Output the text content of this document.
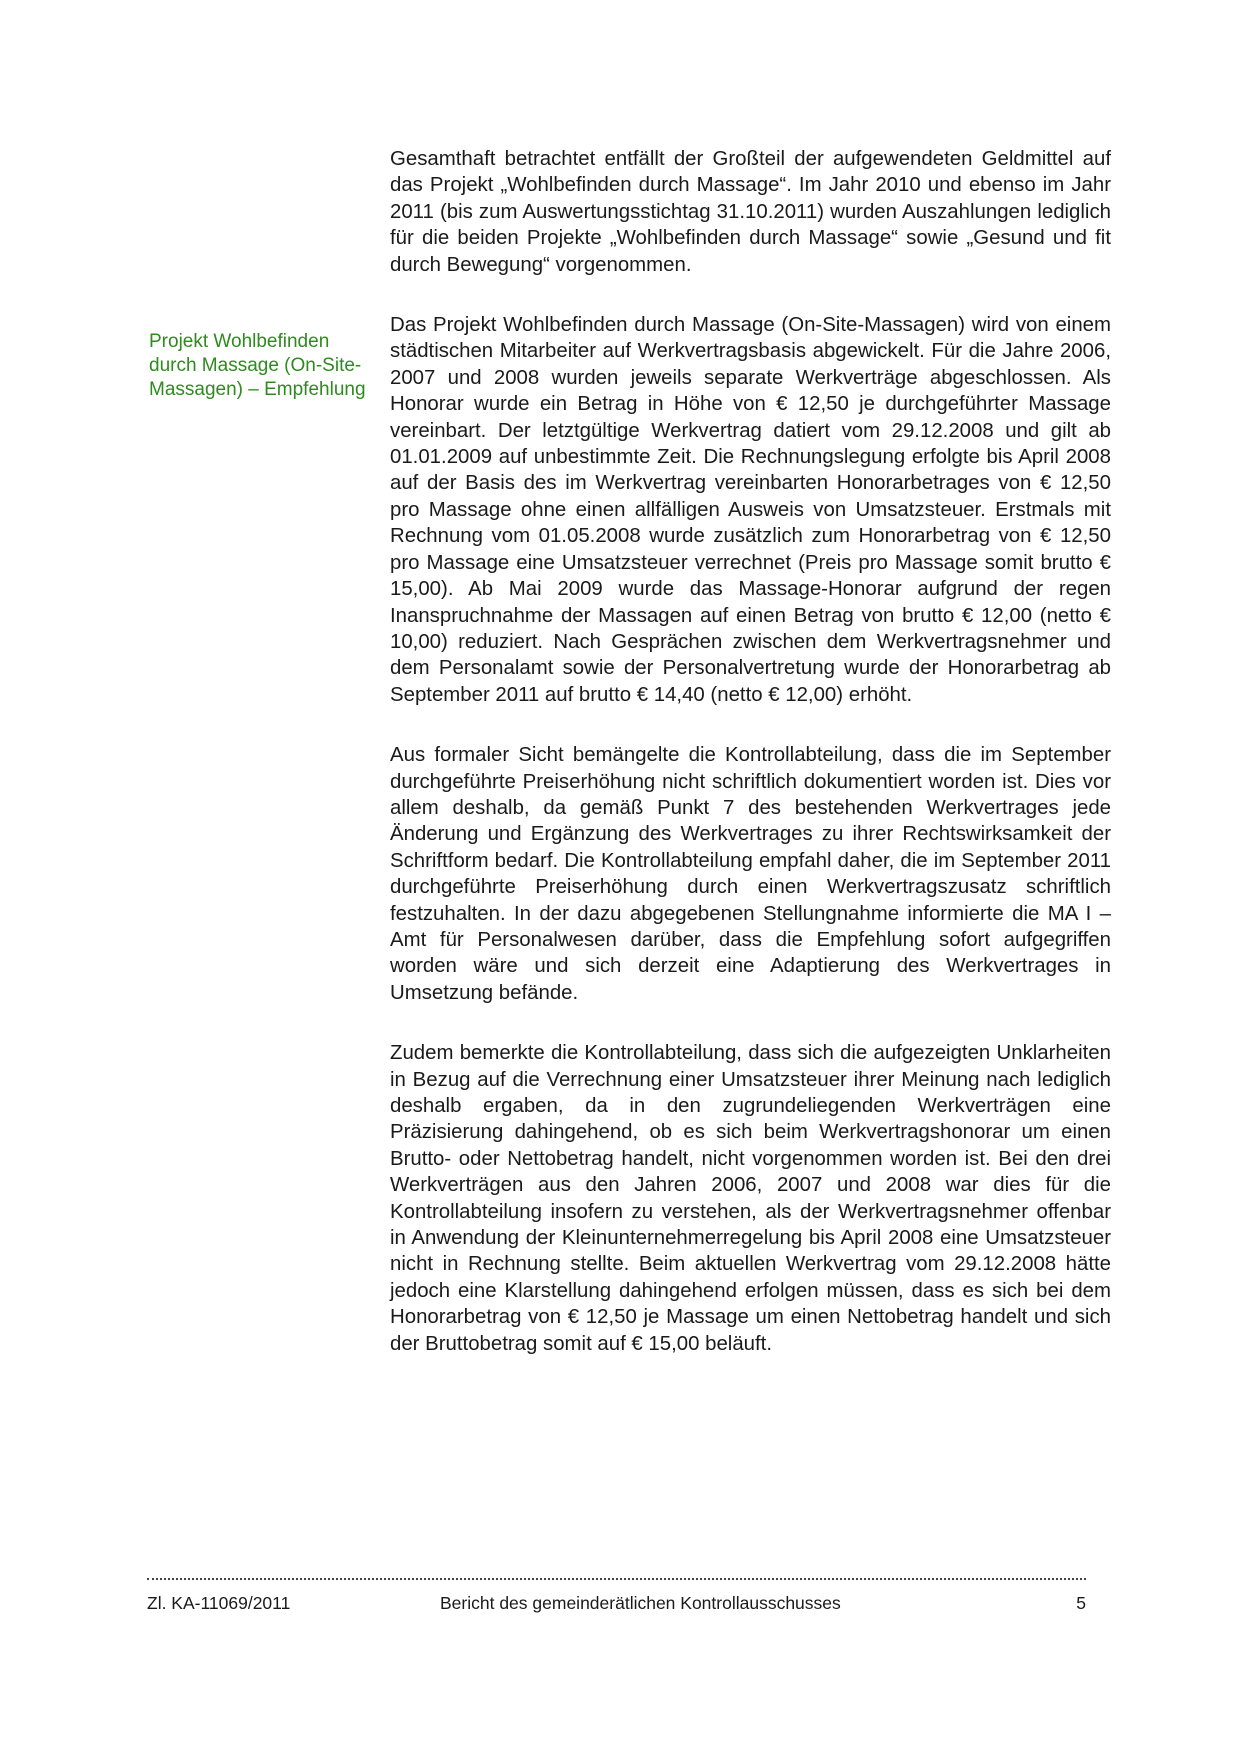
Projekt Wohlbefinden durch Massage (On-Site-Massagen) – Empfehlung

Gesamthaft betrachtet entfällt der Großteil der aufgewendeten Geldmittel auf das Projekt „Wohlbefinden durch Massage“. Im Jahr 2010 und ebenso im Jahr 2011 (bis zum Auswertungsstichtag 31.10.2011) wurden Auszahlungen lediglich für die beiden Projekte „Wohlbefinden durch Massage“ sowie „Gesund und fit durch Bewegung“ vorgenommen.

Das Projekt Wohlbefinden durch Massage (On-Site-Massagen) wird von einem städtischen Mitarbeiter auf Werkvertragsbasis abgewickelt. Für die Jahre 2006, 2007 und 2008 wurden jeweils separate Werkverträge abgeschlossen. Als Honorar wurde ein Betrag in Höhe von € 12,50 je durchgeführter Massage vereinbart. Der letztgültige Werkvertrag datiert vom 29.12.2008 und gilt ab 01.01.2009 auf unbestimmte Zeit. Die Rechnungslegung erfolgte bis April 2008 auf der Basis des im Werkvertrag vereinbarten Honorarbetrages von € 12,50 pro Massage ohne einen allfälligen Ausweis von Umsatzsteuer. Erstmals mit Rechnung vom 01.05.2008 wurde zusätzlich zum Honorarbetrag von € 12,50 pro Massage eine Umsatzsteuer verrechnet (Preis pro Massage somit brutto € 15,00). Ab Mai 2009 wurde das Massage-Honorar aufgrund der regen Inanspruchnahme der Massagen auf einen Betrag von brutto € 12,00 (netto € 10,00) reduziert. Nach Gesprächen zwischen dem Werkvertragsnehmer und dem Personalamt sowie der Personalvertretung wurde der Honorarbetrag ab September 2011 auf brutto € 14,40 (netto € 12,00) erhöht.

Aus formaler Sicht bemängelte die Kontrollabteilung, dass die im September durchgeführte Preiserhöhung nicht schriftlich dokumentiert worden ist. Dies vor allem deshalb, da gemäß Punkt 7 des bestehenden Werkvertrages jede Änderung und Ergänzung des Werkvertrages zu ihrer Rechtswirksamkeit der Schriftform bedarf. Die Kontrollabteilung empfahl daher, die im September 2011 durchgeführte Preiserhöhung durch einen Werkvertragszusatz schriftlich festzuhalten. In der dazu abgegebenen Stellungnahme informierte die MA I – Amt für Personalwesen darüber, dass die Empfehlung sofort aufgegriffen worden wäre und sich derzeit eine Adaptierung des Werkvertrages in Umsetzung befände.

Zudem bemerkte die Kontrollabteilung, dass sich die aufgezeigten Unklarheiten in Bezug auf die Verrechnung einer Umsatzsteuer ihrer Meinung nach lediglich deshalb ergaben, da in den zugrundeliegenden Werkverträgen eine Präzisierung dahingehend, ob es sich beim Werkvertragshonorar um einen Brutto- oder Nettobetrag handelt, nicht vorgenommen worden ist. Bei den drei Werkverträgen aus den Jahren 2006, 2007 und 2008 war dies für die Kontrollabteilung insofern zu verstehen, als der Werkvertragsnehmer offenbar in Anwendung der Kleinunternehmerregelung bis April 2008 eine Umsatzsteuer nicht in Rechnung stellte. Beim aktuellen Werkvertrag vom 29.12.2008 hätte jedoch eine Klarstellung dahingehend erfolgen müssen, dass es sich bei dem Honorarbetrag von € 12,50 je Massage um einen Nettobetrag handelt und sich der Bruttobetrag somit auf € 15,00 beläuft.

Zl. KA-11069/2011	Bericht des gemeinderätlichen Kontrollausschusses	5
